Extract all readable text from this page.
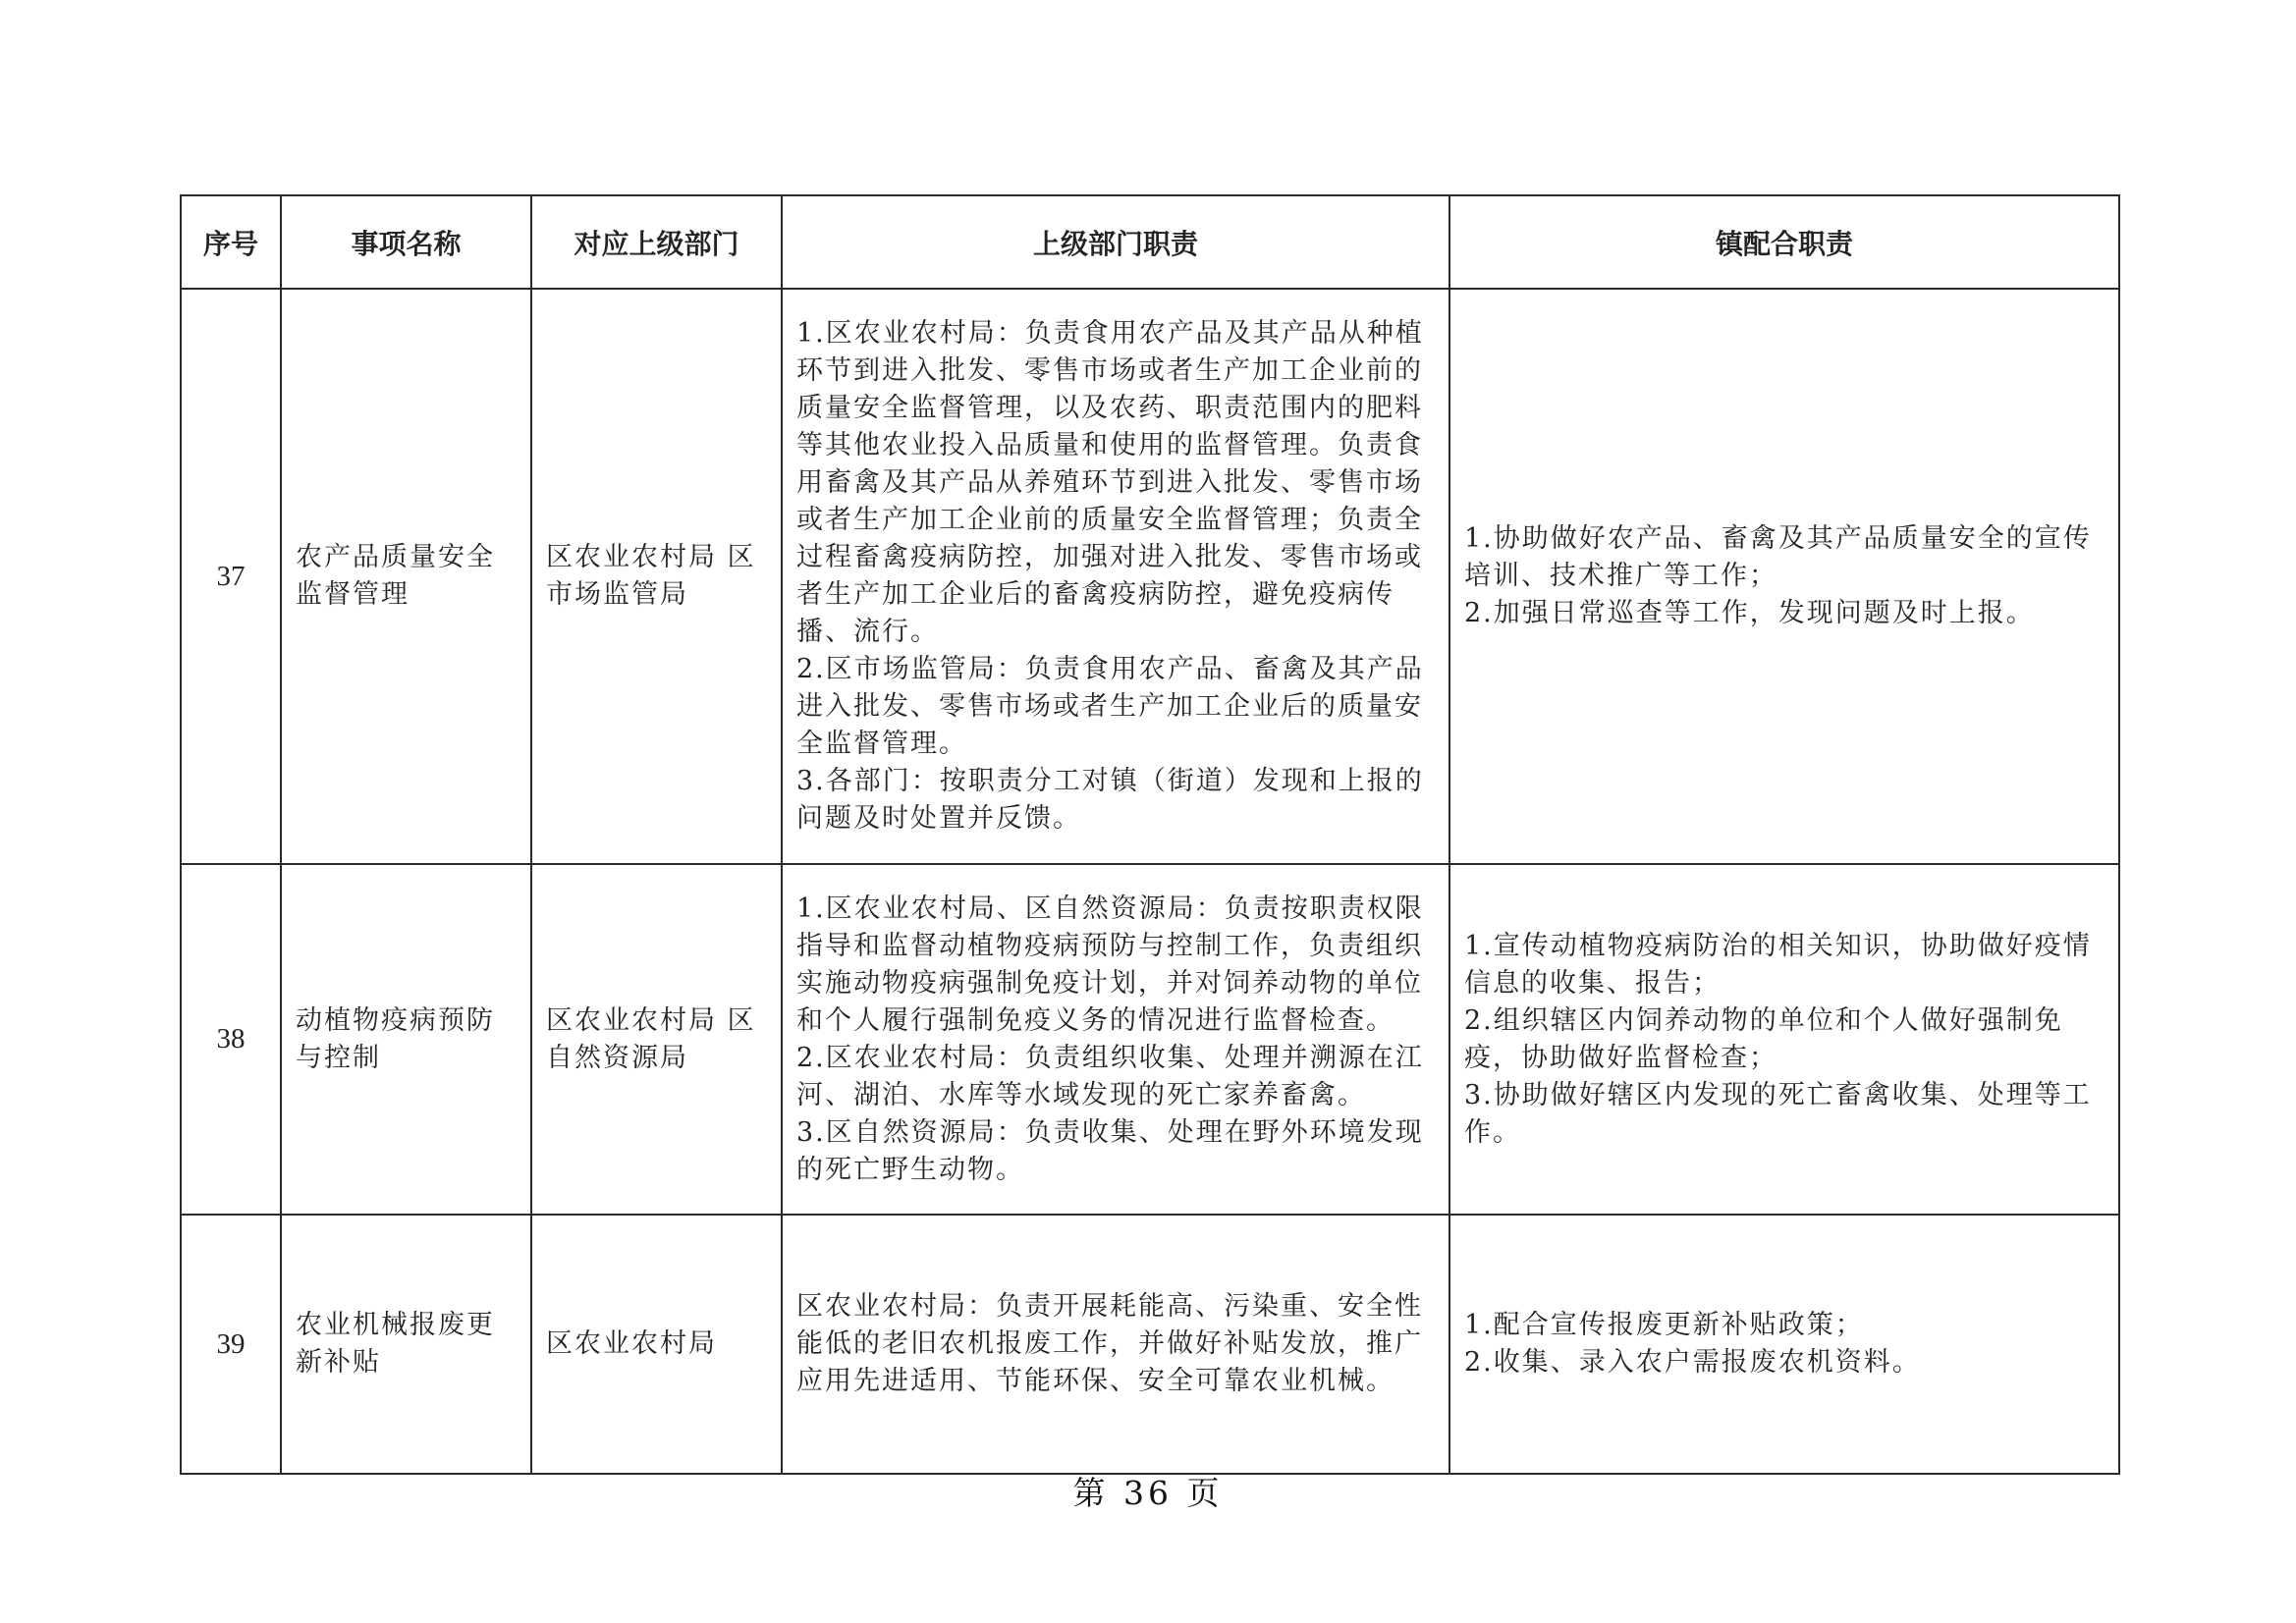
序号	事项名称	对应上级部门	上级部门职责	镇配合职责
37	农产品质量安全监督管理	区农业农村局 区市场监管局	1.区农业农村局：负责食用农产品及其产品从种植环节到进入批发、零售市场或者生产加工企业前的质量安全监督管理，以及农药、职责范围内的肥料等其他农业投入品质量和使用的监督管理。负责食用畜禽及其产品从养殖环节到进入批发、零售市场或者生产加工企业前的质量安全监督管理；负责全过程畜禽疫病防控，加强对进入批发、零售市场或者生产加工企业后的畜禽疫病防控，避免疫病传播、流行。
2.区市场监管局：负责食用农产品、畜禽及其产品进入批发、零售市场或者生产加工企业后的质量安全监督管理。
3.各部门：按职责分工对镇（街道）发现和上报的问题及时处置并反馈。	1.协助做好农产品、畜禽及其产品质量安全的宣传培训、技术推广等工作；
2.加强日常巡查等工作，发现问题及时上报。

38	动植物疫病预防与控制	区农业农村局 区自然资源局	1.区农业农村局、区自然资源局：负责按职责权限指导和监督动植物疫病预防与控制工作，负责组织实施动物疫病强制免疫计划，并对饲养动物的单位和个人履行强制免疫义务的情况进行监督检查。
2.区农业农村局：负责组织收集、处理并溯源在江河、湖泊、水库等水域发现的死亡家养畜禽。
3.区自然资源局：负责收集、处理在野外环境发现的死亡野生动物。	1.宣传动植物疫病防治的相关知识，协助做好疫情信息的收集、报告；
2.组织辖区内饲养动物的单位和个人做好强制免疫，协助做好监督检查；
3.协助做好辖区内发现的死亡畜禽收集、处理等工作。

39	农业机械报废更新补贴	区农业农村局	区农业农村局：负责开展耗能高、污染重、安全性能低的老旧农机报废工作，并做好补贴发放，推广应用先进适用、节能环保、安全可靠农业机械。	1.配合宣传报废更新补贴政策；
2.收集、录入农户需报废农机资料。
第 36 页
